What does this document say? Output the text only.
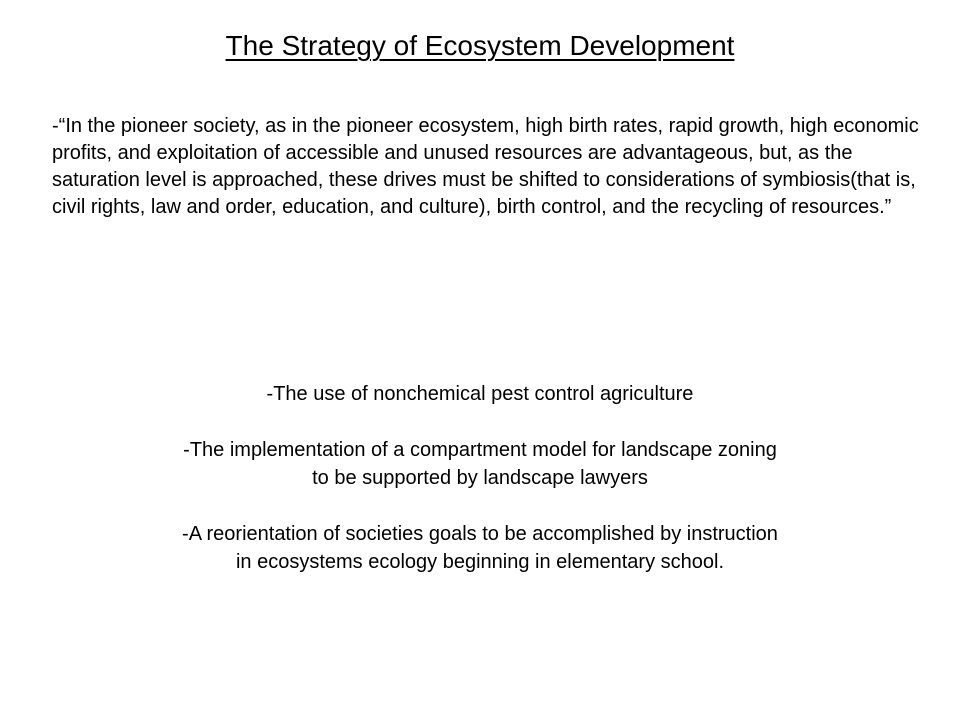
The Strategy of Ecosystem Development
-“In the pioneer society, as in the pioneer ecosystem, high birth rates, rapid growth, high economic profits, and exploitation of accessible and unused resources are advantageous, but, as the saturation level is approached, these drives must be shifted to considerations of symbiosis(that is, civil rights, law and order, education, and culture), birth control, and the recycling of resources.”
-The use of nonchemical pest control agriculture
-The implementation of a compartment model for landscape zoning
to be supported by landscape lawyers
-A reorientation of societies goals to be accomplished by instruction
in ecosystems ecology beginning in elementary school.
